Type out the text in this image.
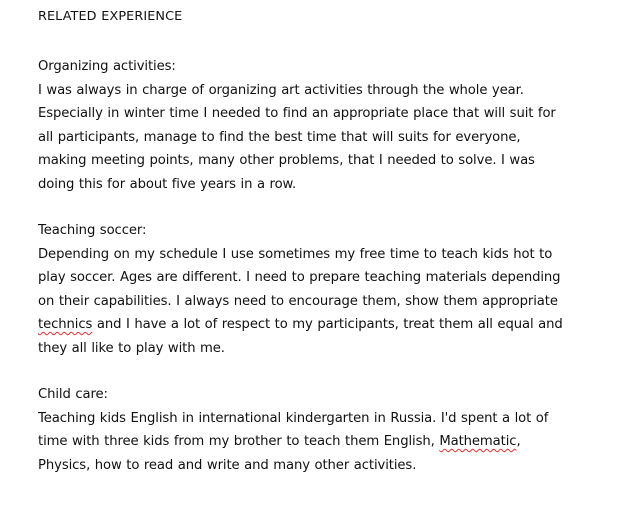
RELATED EXPERIENCE
Organizing activities:
I was always in charge of organizing art activities through the whole year.
Especially in winter time I needed to find an appropriate place that will suit for
all participants, manage to find the best time that will suits for everyone,
making meeting points, many other problems, that I needed to solve. I was
doing this for about five years in a row.
Teaching soccer:
Depending on my schedule I use sometimes my free time to teach kids hot to
play soccer. Ages are different. I need to prepare teaching materials depending
on their capabilities. I always need to encourage them, show them appropriate
technics and I have a lot of respect to my participants, treat them all equal and
they all like to play with me.
Child care:
Teaching kids English in international kindergarten in Russia. I'd spent a lot of
time with three kids from my brother to teach them English, Mathematic,
Physics, how to read and write and many other activities.
